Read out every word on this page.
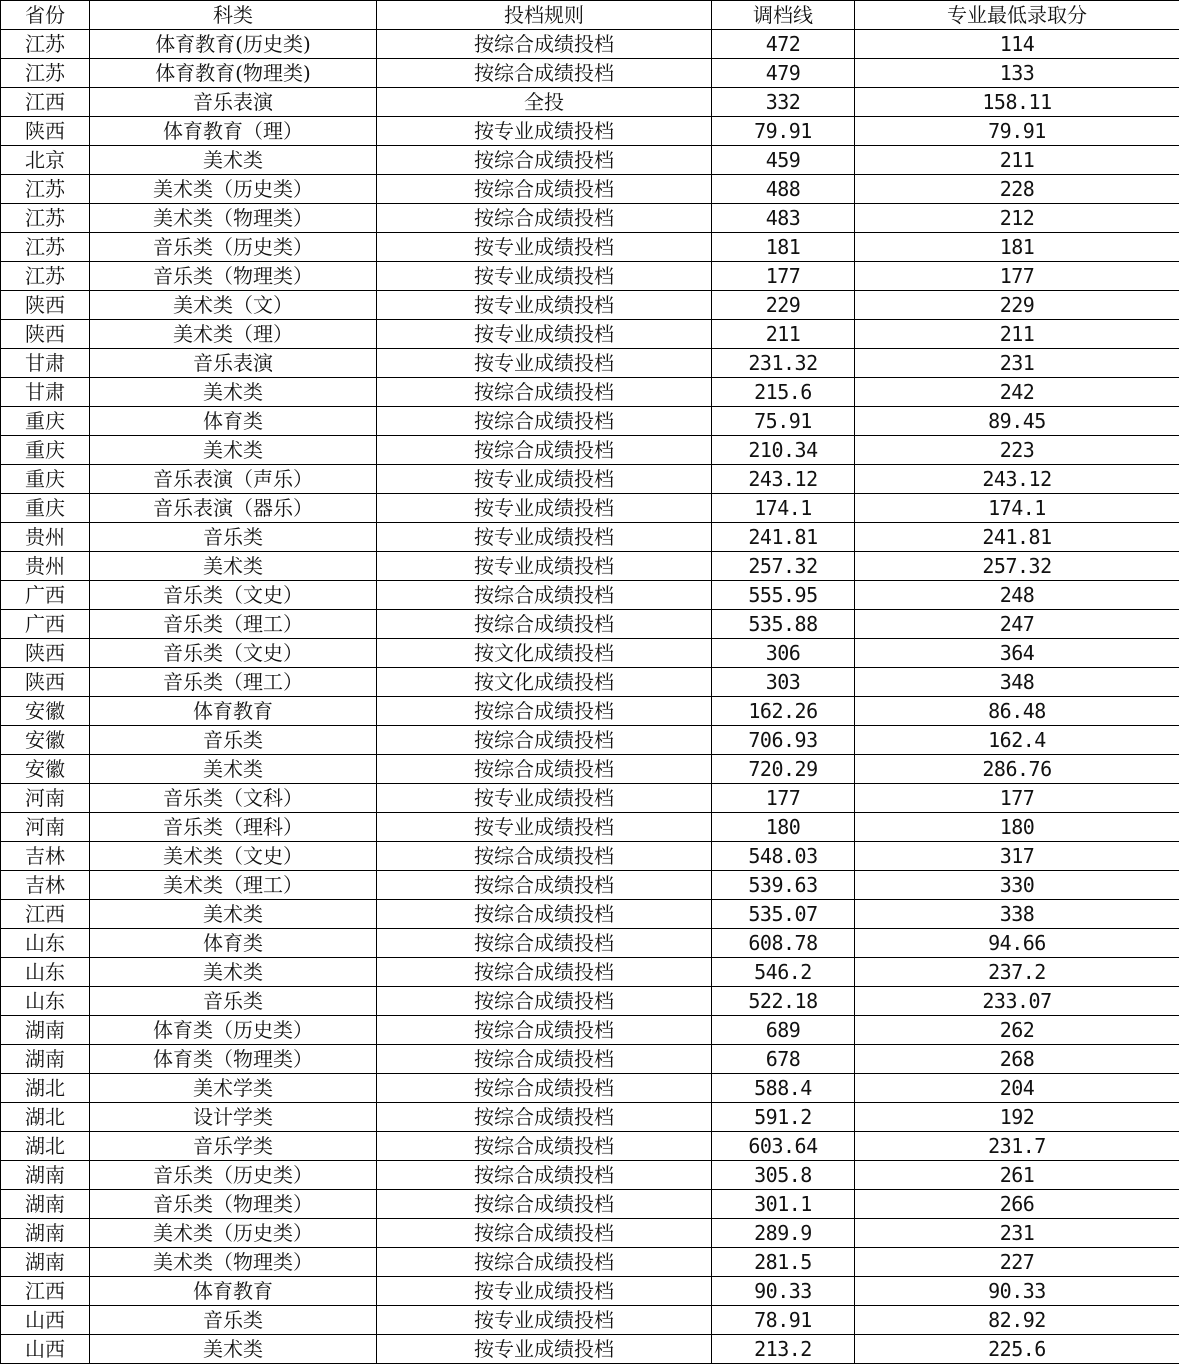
省份	科类	投档规则	调档线	专业最低录取分
江苏	体育教育(历史类)	按综合成绩投档	472	114
江苏	体育教育(物理类)	按综合成绩投档	479	133
江西	音乐表演	全投	332	158.11
陕西	体育教育（理）	按专业成绩投档	79.91	79.91
北京	美术类	按综合成绩投档	459	211
江苏	美术类（历史类）	按综合成绩投档	488	228
江苏	美术类（物理类）	按综合成绩投档	483	212
江苏	音乐类（历史类）	按专业成绩投档	181	181
江苏	音乐类（物理类）	按专业成绩投档	177	177
陕西	美术类（文）	按专业成绩投档	229	229
陕西	美术类（理）	按专业成绩投档	211	211
甘肃	音乐表演	按专业成绩投档	231.32	231
甘肃	美术类	按综合成绩投档	215.6	242
重庆	体育类	按综合成绩投档	75.91	89.45
重庆	美术类	按综合成绩投档	210.34	223
重庆	音乐表演（声乐）	按专业成绩投档	243.12	243.12
重庆	音乐表演（器乐）	按专业成绩投档	174.1	174.1
贵州	音乐类	按专业成绩投档	241.81	241.81
贵州	美术类	按专业成绩投档	257.32	257.32
广西	音乐类（文史）	按综合成绩投档	555.95	248
广西	音乐类（理工）	按综合成绩投档	535.88	247
陕西	音乐类（文史）	按文化成绩投档	306	364
陕西	音乐类（理工）	按文化成绩投档	303	348
安徽	体育教育	按综合成绩投档	162.26	86.48
安徽	音乐类	按综合成绩投档	706.93	162.4
安徽	美术类	按综合成绩投档	720.29	286.76
河南	音乐类（文科）	按专业成绩投档	177	177
河南	音乐类（理科）	按专业成绩投档	180	180
吉林	美术类（文史）	按综合成绩投档	548.03	317
吉林	美术类（理工）	按综合成绩投档	539.63	330
江西	美术类	按综合成绩投档	535.07	338
山东	体育类	按综合成绩投档	608.78	94.66
山东	美术类	按综合成绩投档	546.2	237.2
山东	音乐类	按综合成绩投档	522.18	233.07
湖南	体育类（历史类）	按综合成绩投档	689	262
湖南	体育类（物理类）	按综合成绩投档	678	268
湖北	美术学类	按综合成绩投档	588.4	204
湖北	设计学类	按综合成绩投档	591.2	192
湖北	音乐学类	按综合成绩投档	603.64	231.7
湖南	音乐类（历史类）	按综合成绩投档	305.8	261
湖南	音乐类（物理类）	按综合成绩投档	301.1	266
湖南	美术类（历史类）	按综合成绩投档	289.9	231
湖南	美术类（物理类）	按综合成绩投档	281.5	227
江西	体育教育	按专业成绩投档	90.33	90.33
山西	音乐类	按专业成绩投档	78.91	82.92
山西	美术类	按专业成绩投档	213.2	225.6
